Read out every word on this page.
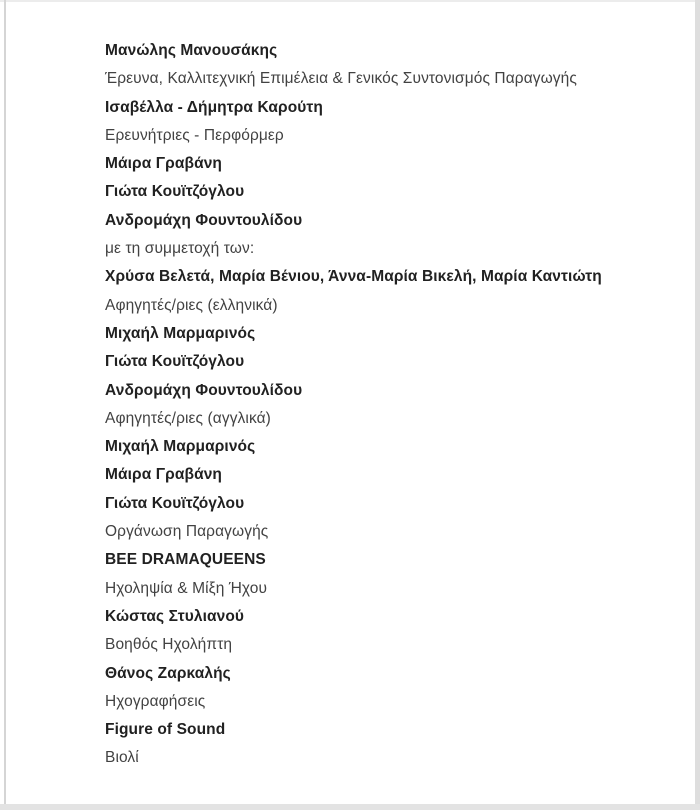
Μανώλης Μανουσάκης

Έρευνα, Καλλιτεχνική Επιμέλεια & Γενικός Συντονισμός Παραγωγής

Ισαβέλλα - Δήμητρα Καρούτη

Ερευνήτριες - Περφόρμερ

Μάιρα Γραβάνη

Γιώτα Κουϊτζόγλου

Ανδρομάχη Φουντουλίδου

με τη συμμετοχή των:

Χρύσα Βελετά, Μαρία Βένιου, Άννα-Μαρία Βικελή, Μαρία Καντιώτη

Αφηγητές/ριες (ελληνικά)

Μιχαήλ Μαρμαρινός

Γιώτα Κουϊτζόγλου

Ανδρομάχη Φουντουλίδου

Αφηγητές/ριες (αγγλικά)

Μιχαήλ Μαρμαρινός

Μάιρα Γραβάνη

Γιώτα Κουϊτζόγλου

Οργάνωση Παραγωγής

BEE DRAMAQUEENS

Ηχοληψία & Μίξη Ήχου

Κώστας Στυλιανού

Βοηθός Ηχολήπτη

Θάνος Ζαρκαλής

Ηχογραφήσεις

Figure of Sound

Βιολί
